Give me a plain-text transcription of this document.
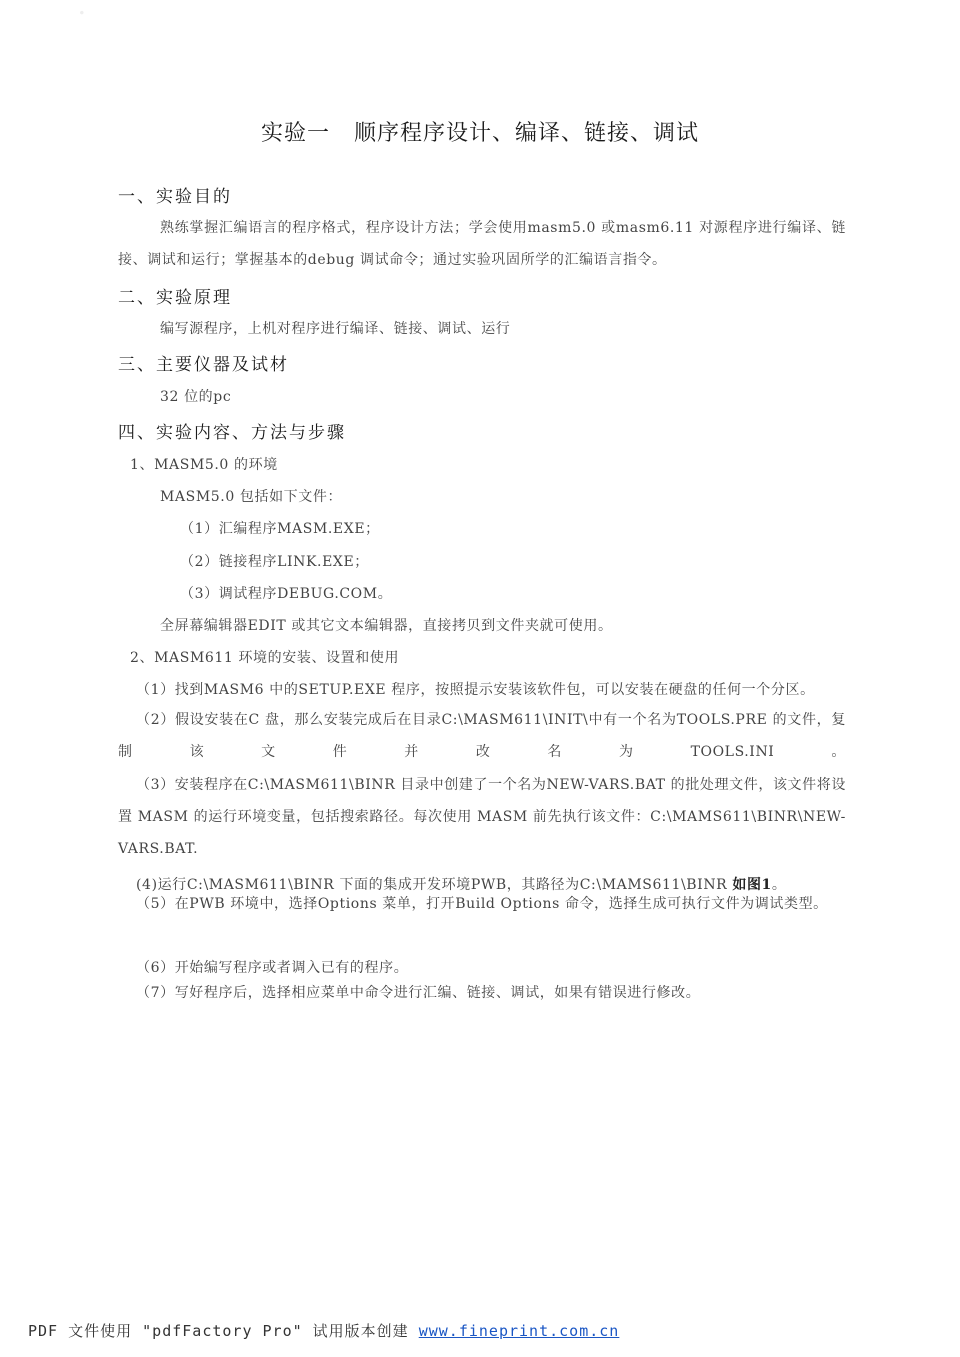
•
实验一 顺序程序设计、编译、链接、调试
一、实验目的
熟练掌握汇编语言的程序格式，程序设计方法；学会使用masm5.0 或masm6.11 对源程序进行编译、链接、调试和运行；掌握基本的debug 调试命令；通过实验巩固所学的汇编语言指令。
二、实验原理
编写源程序，上机对程序进行编译、链接、调试、运行
三、主要仪器及试材
32 位的pc
四、实验内容、方法与步骤
1、MASM5.0 的环境
MASM5.0 包括如下文件：
（1）汇编程序MASM.EXE；
（2）链接程序LINK.EXE；
（3）调试程序DEBUG.COM。
全屏幕编辑器EDIT 或其它文本编辑器，直接拷贝到文件夹就可使用。
2、MASM611 环境的安装、设置和使用
（1）找到MASM6 中的SETUP.EXE 程序，按照提示安装该软件包，可以安装在硬盘的任何一个分区。
（2）假设安装在C 盘，那么安装完成后在目录C:\MASM611\INIT\中有一个名为TOOLS.PRE 的文件，复制该文件并改名为TOOLS.INI。
（3）安装程序在C:\MASM611\BINR 目录中创建了一个名为NEW-VARS.BAT 的批处理文件，该文件将设置 MASM 的运行环境变量，包括搜索路径。每次使用 MASM 前先执行该文件：C:\MAMS611\BINR\NEW-VARS.BAT.
(4)运行C:\MASM611\BINR 下面的集成开发环境PWB，其路径为C:\MAMS611\BINR 如图1。
（5）在PWB 环境中，选择Options 菜单，打开Build Options 命令，选择生成可执行文件为调试类型。
（6）开始编写程序或者调入已有的程序。
（7）写好程序后，选择相应菜单中命令进行汇编、链接、调试，如果有错误进行修改。
PDF 文件使用 "pdfFactory Pro" 试用版本创建 www.fineprint.com.cn
